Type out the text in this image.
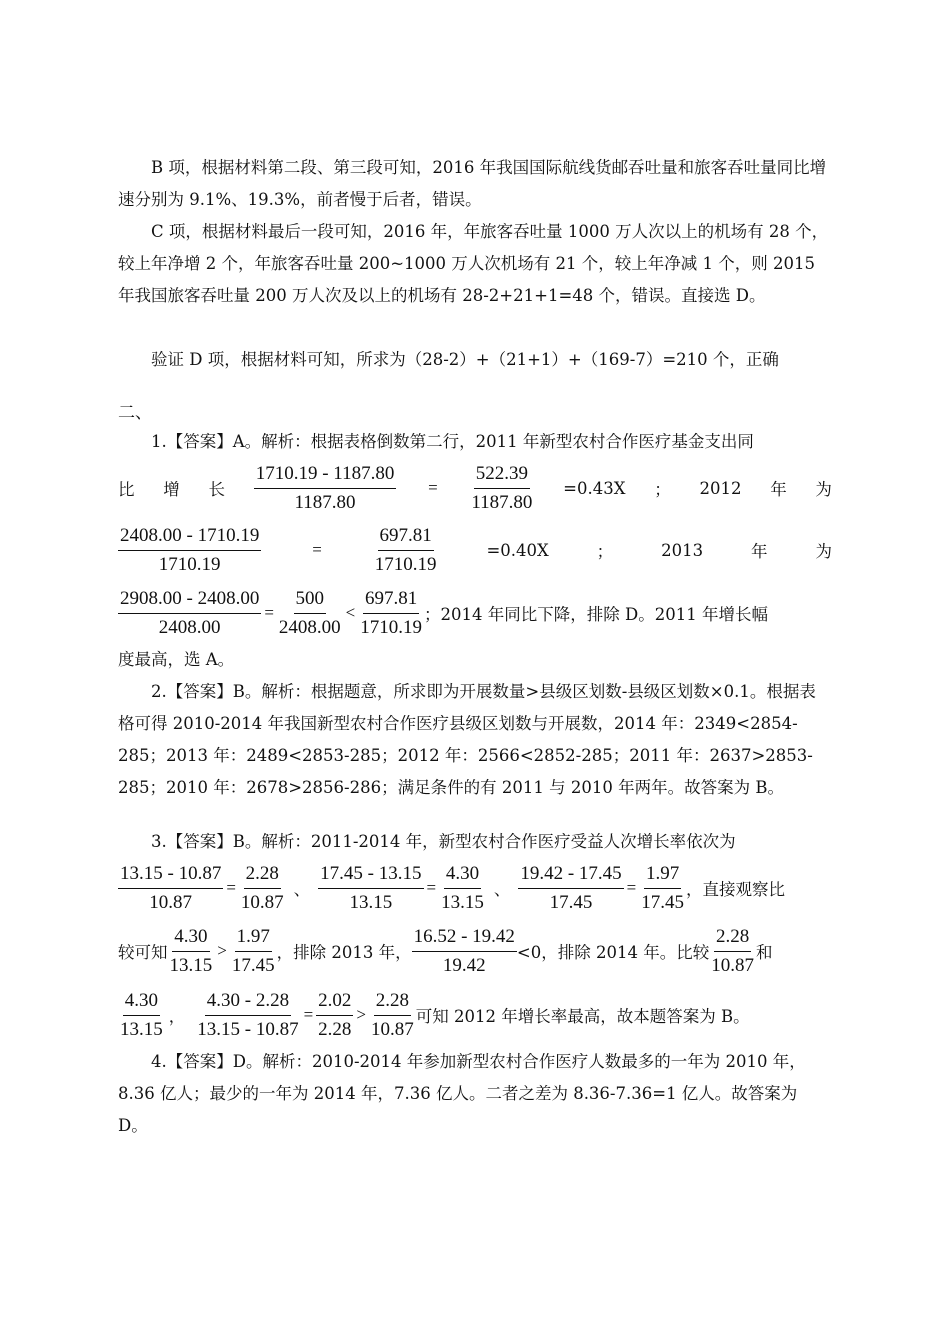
B 项，根据材料第二段、第三段可知，2016 年我国国际航线货邮吞吐量和旅客吞吐量同比增速分别为 9.1%、19.3%，前者慢于后者，错误。

C 项，根据材料最后一段可知，2016 年，年旅客吞吐量 1000 万人次以上的机场有 28 个，较上年净增 2 个，年旅客吞吐量 200~1000 万人次机场有 21 个，较上年净减 1 个，则 2015 年我国旅客吞吐量 200 万人次及以上的机场有 28-2+21+1=48 个，错误。直接选 D。

验证 D 项，根据材料可知，所求为（28-2）+（21+1）+（169-7）=210 个，正确

二、

1.【答案】A。解析：根据表格倒数第二行，2011 年新型农村合作医疗基金支出同

比 增 长 $\frac{1710.19 - 1187.80}{1187.80} = \frac{522.39}{1187.80} =0.43X$ ； 2012 年 为
$\frac{2408.00 - 1710.19}{1710.19}$	=	$\frac{697.81}{1710.19}$	=0.40X	；	2013	年	为
$\frac{2908.00 - 2408.00}{2408.00} = \frac{500}{2408.00} < \frac{697.81}{1710.19}$ ；2014 年同比下降，排除 D。2011 年增长幅

度最高，选 A。

2.【答案】B。解析：根据题意，所求即为开展数量>县级区划数-县级区划数×0.1。根据表格可得 2010-2014 年我国新型农村合作医疗县级区划数与开展数，2014 年：2349<2854-285；2013 年：2489<2853-285；2012 年：2566<2852-285；2011 年：2637>2853-285；2010 年：2678>2856-286；满足条件的有 2011 与 2010 年两年。故答案为 B。

3.【答案】B。解析：2011-2014 年，新型农村合作医疗受益人次增长率依次为

$\frac{13.15 - 10.87}{10.87} = \frac{2.28}{10.87}$ 、 $\frac{17.45 - 13.15}{13.15} = \frac{4.30}{13.15}$ 、 $\frac{19.42 - 17.45}{17.45} = \frac{1.97}{17.45}$ ，直接观察比
较可知 $\frac{4.30}{13.15} > \frac{1.97}{17.45}$ ，排除 2013 年， $\frac{16.52 - 19.42}{19.42} <0$，排除 2014 年。比较 $\frac{2.28}{10.87}$ 和
$\frac{4.30}{13.15}$ ， $\frac{4.30 - 2.28}{13.15 - 10.87} = \frac{2.02}{2.28} > \frac{2.28}{10.87}$ 可知 2012 年增长率最高，故本题答案为 B。

4.【答案】D。解析：2010-2014 年参加新型农村合作医疗人数最多的一年为 2010 年，8.36 亿人；最少的一年为 2014 年，7.36 亿人。二者之差为 8.36-7.36=1 亿人。故答案为 D。
